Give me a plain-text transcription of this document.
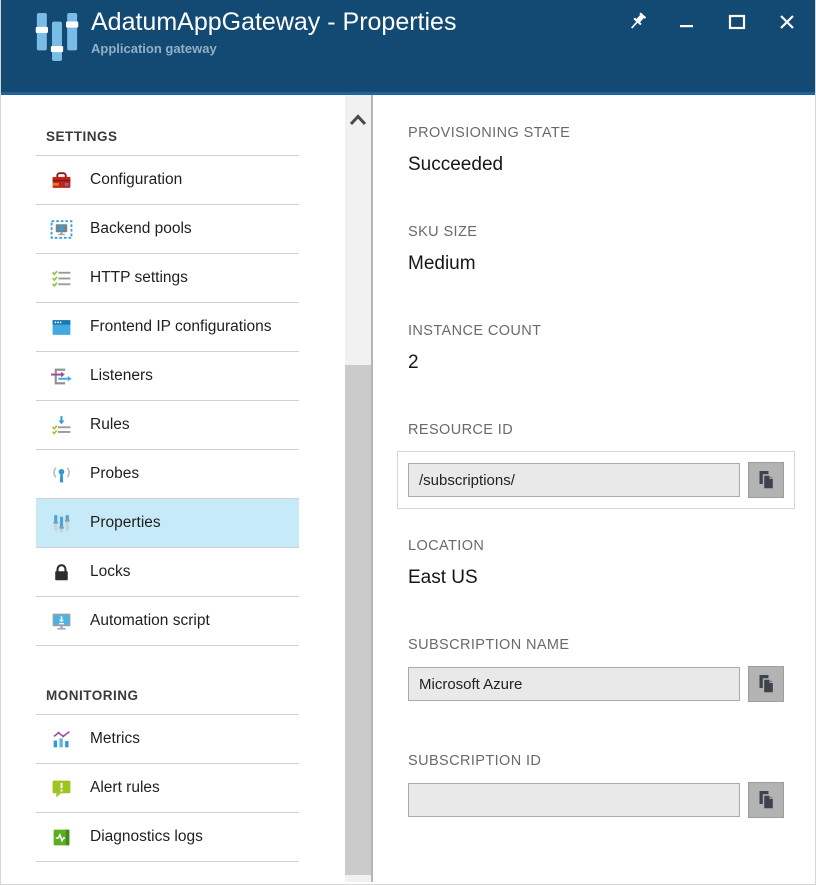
AdatumAppGateway - Properties
Application gateway
SETTINGS
Configuration
Backend pools
HTTP settings
Frontend IP configurations
Listeners
Rules
Probes
Properties
Locks
Automation script
MONITORING
Metrics
Alert rules
Diagnostics logs
PROVISIONING STATE
Succeeded
SKU SIZE
Medium
INSTANCE COUNT
2
RESOURCE ID
/subscriptions/
LOCATION
East US
SUBSCRIPTION NAME
Microsoft Azure
SUBSCRIPTION ID
